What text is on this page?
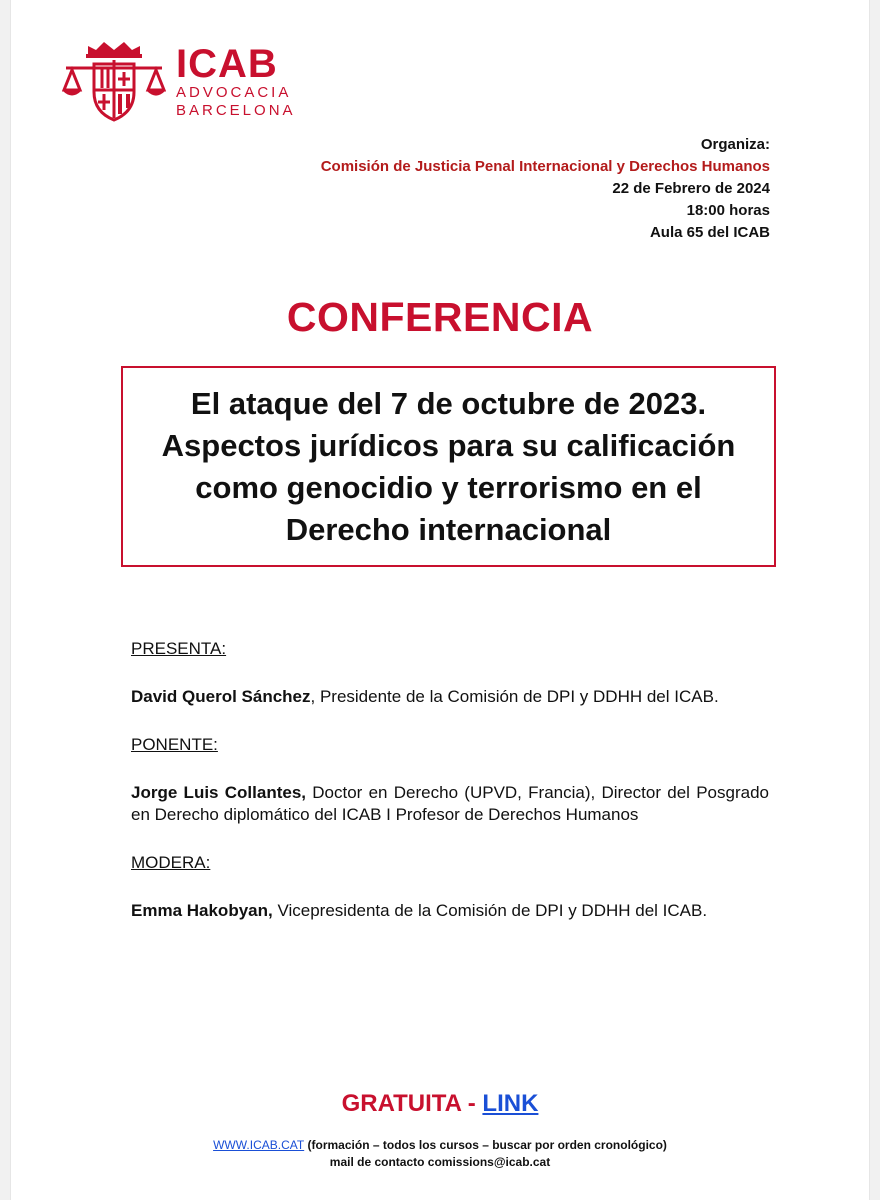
ICAB
ADVOCACIA
BARCELONA
Organiza:
Comisión de Justicia Penal Internacional y Derechos Humanos
22 de Febrero de 2024
18:00 horas
Aula 65 del ICAB
CONFERENCIA
El ataque del 7 de octubre de 2023.
Aspectos jurídicos para su calificación
como genocidio y terrorismo en el
Derecho internacional

PRESENTA:

David Querol Sánchez, Presidente de la Comisión de DPI y DDHH del ICAB.

PONENTE:

Jorge Luis Collantes, Doctor en Derecho (UPVD, Francia), Director del Posgrado en Derecho diplomático del ICAB I Profesor de Derechos Humanos

MODERA:

Emma Hakobyan, Vicepresidenta de la Comisión de DPI y DDHH del ICAB.

GRATUITA - LINK
WWW.ICAB.CAT (formación – todos los cursos – buscar por orden cronológico)
mail de contacto comissions@icab.cat
